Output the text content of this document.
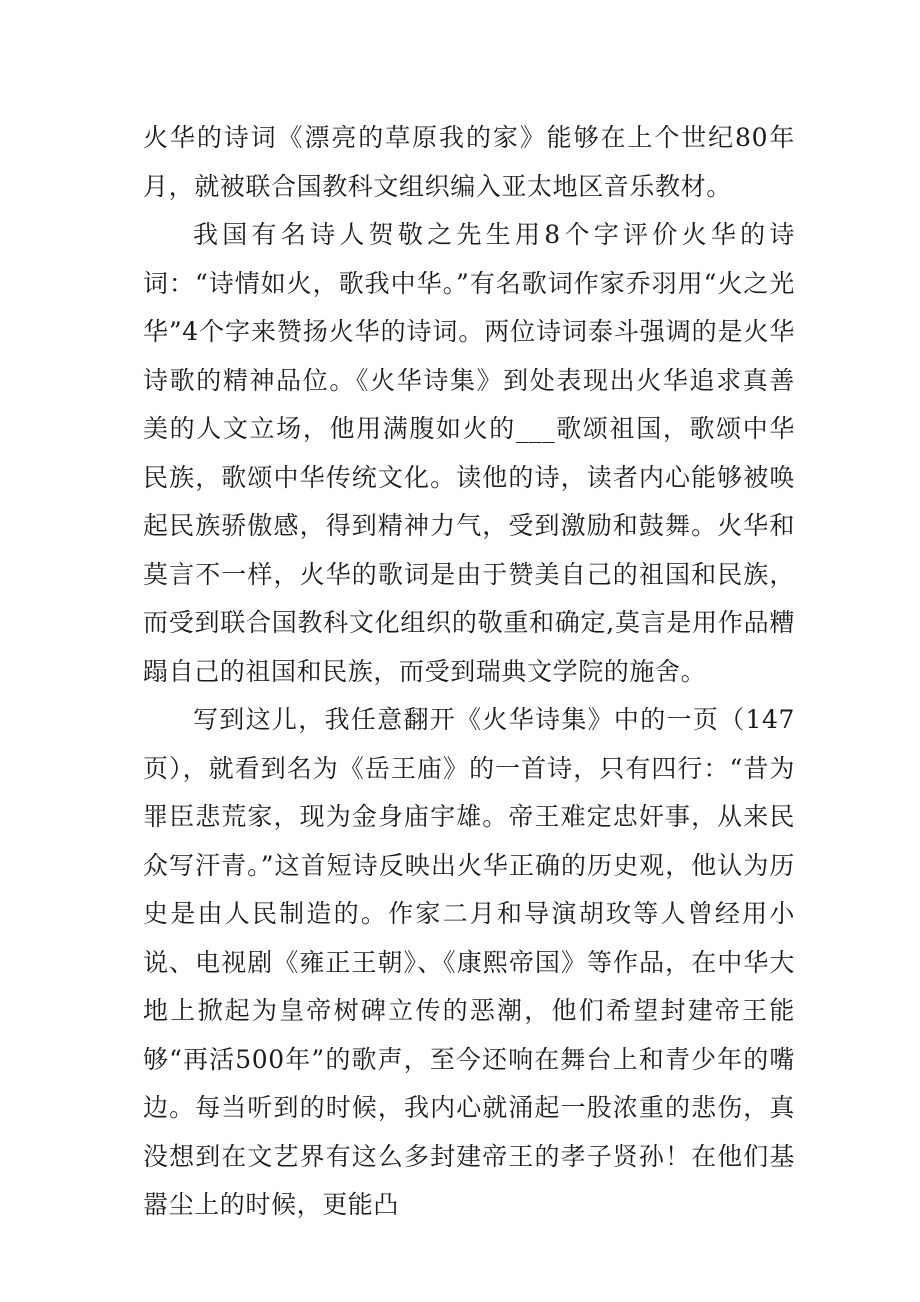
火华的诗词《漂亮的草原我的家》能够在上个世纪80年月，就被联合国教科文组织编入亚太地区音乐教材。

我国有名诗人贺敬之先生用8个字评价火华的诗词：“诗情如火，歌我中华。”有名歌词作家乔羽用“火之光华”4个字来赞扬火华的诗词。两位诗词泰斗强调的是火华诗歌的精神品位。《火华诗集》到处表现出火华追求真善美的人文立场，他用满腹如火的___歌颂祖国，歌颂中华民族，歌颂中华传统文化。读他的诗，读者内心能够被唤起民族骄傲感，得到精神力气，受到激励和鼓舞。火华和莫言不一样，火华的歌词是由于赞美自己的祖国和民族，而受到联合国教科文化组织的敬重和确定,莫言是用作品糟蹋自己的祖国和民族，而受到瑞典文学院的施舍。

写到这儿，我任意翻开《火华诗集》中的一页（147页），就看到名为《岳王庙》的一首诗，只有四行：“昔为罪臣悲荒家，现为金身庙宇雄。帝王难定忠奸事，从来民众写汗青。”这首短诗反映出火华正确的历史观，他认为历史是由人民制造的。作家二月和导演胡玫等人曾经用小说、电视剧《雍正王朝》、《康熙帝国》等作品，在中华大地上掀起为皇帝树碑立传的恶潮，他们希望封建帝王能够“再活500年”的歌声，至今还响在舞台上和青少年的嘴边。每当听到的时候，我内心就涌起一股浓重的悲伤，真没想到在文艺界有这么多封建帝王的孝子贤孙！在他们基嚣尘上的时候，更能凸
